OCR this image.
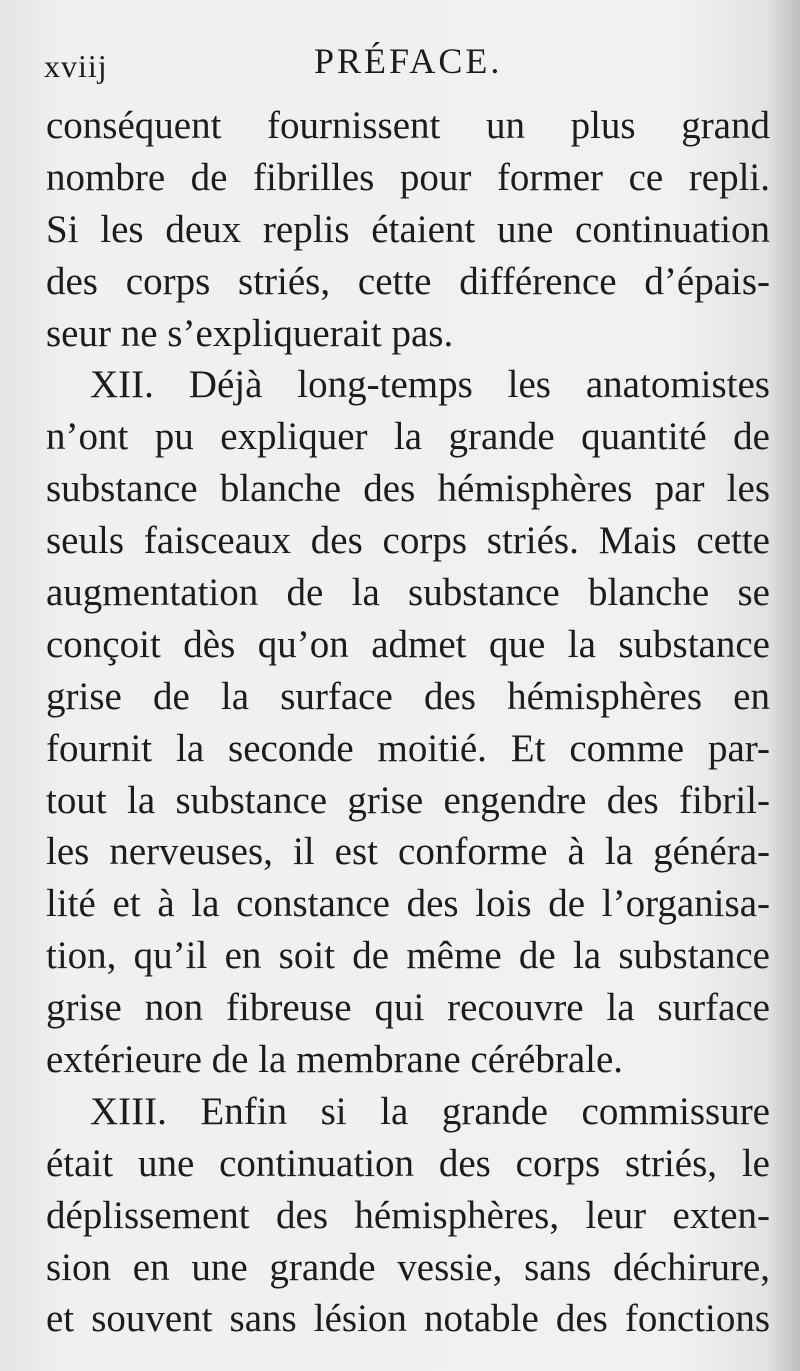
xviij	PRÉFACE.
conséquent fournissent un plus grand
nombre de fibrilles pour former ce repli.
Si les deux replis étaient une continuation
des corps striés, cette différence d’épais-
seur ne s’expliquerait pas.
XII. Déjà long-temps les anatomistes
n’ont pu expliquer la grande quantité de
substance blanche des hémisphères par les
seuls faisceaux des corps striés. Mais cette
augmentation de la substance blanche se
conçoit dès qu’on admet que la substance
grise de la surface des hémisphères en
fournit la seconde moitié. Et comme par-
tout la substance grise engendre des fibril-
les nerveuses, il est conforme à la généra-
lité et à la constance des lois de l’organisa-
tion, qu’il en soit de même de la substance
grise non fibreuse qui recouvre la surface
extérieure de la membrane cérébrale.
XIII. Enfin si la grande commissure
était une continuation des corps striés, le
déplissement des hémisphères, leur exten-
sion en une grande vessie, sans déchirure,
et souvent sans lésion notable des fonctions
